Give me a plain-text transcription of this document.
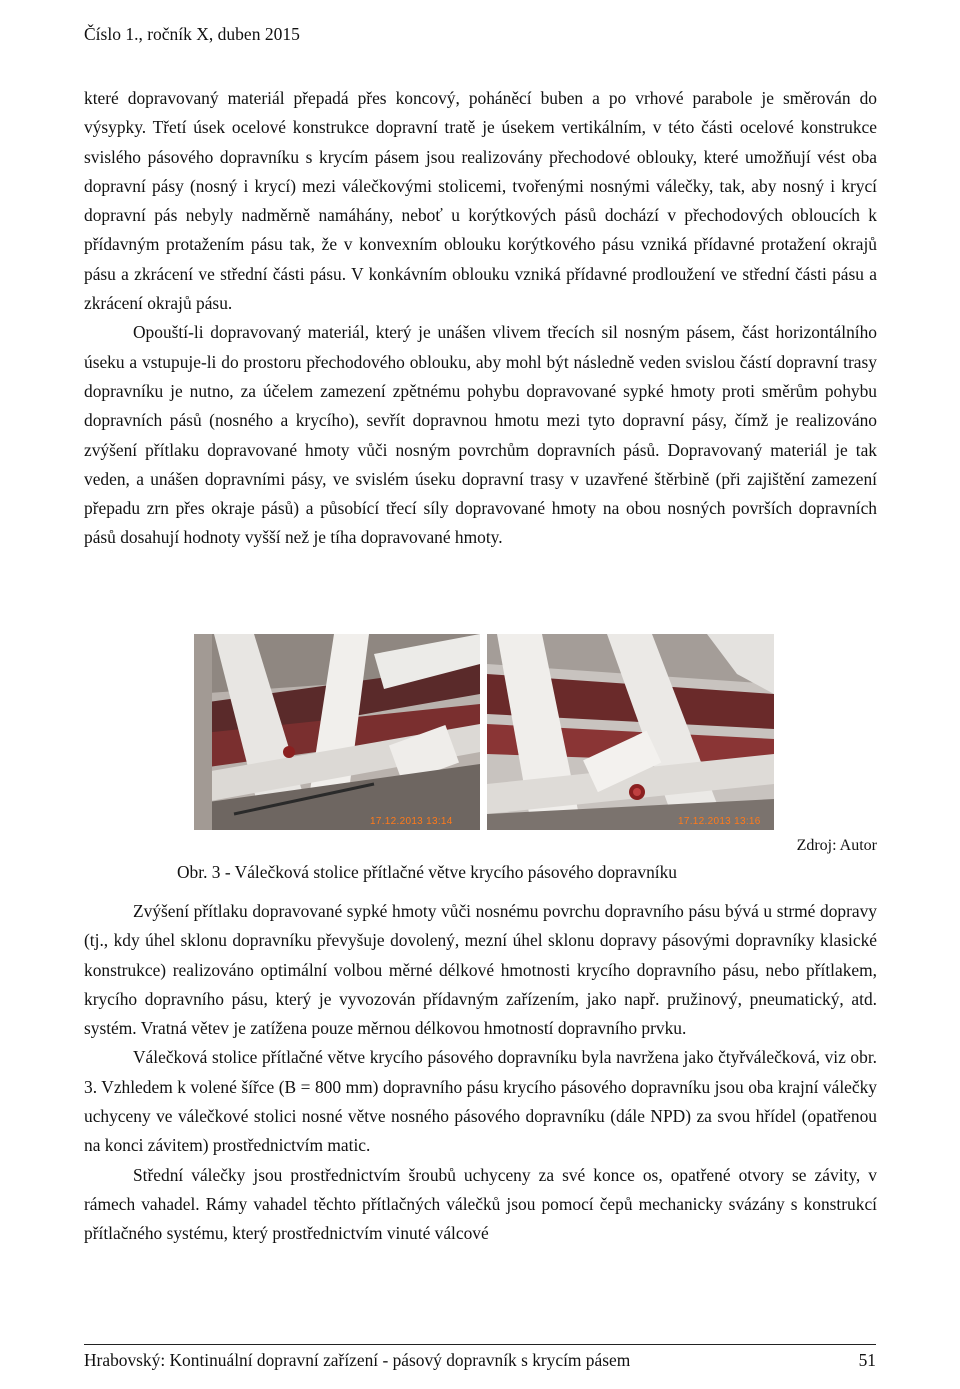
Číslo 1., ročník X, duben 2015

které dopravovaný materiál přepadá přes koncový, poháněcí buben a po vrhové parabole je směrován do výsypky. Třetí úsek ocelové konstrukce dopravní tratě je úsekem vertikálním, v této části ocelové konstrukce svislého pásového dopravníku s krycím pásem jsou realizovány přechodové oblouky, které umožňují vést oba dopravní pásy (nosný i krycí) mezi válečkovými stolicemi, tvořenými nosnými válečky, tak, aby nosný i krycí dopravní pás nebyly nadměrně namáhány, neboť u korýtkových pásů dochází v přechodových obloucích k přídavným protažením pásu tak, že v konvexním oblouku korýtkového pásu vzniká přídavné protažení okrajů pásu a zkrácení ve střední části pásu. V konkávním oblouku vzniká přídavné prodloužení ve střední části pásu a zkrácení okrajů pásu.

Opouští-li dopravovaný materiál, který je unášen vlivem třecích sil nosným pásem, část horizontálního úseku a vstupuje-li do prostoru přechodového oblouku, aby mohl být následně veden svislou částí dopravní trasy dopravníku je nutno, za účelem zamezení zpětnému pohybu dopravované sypké hmoty proti směrům pohybu dopravních pásů (nosného a krycího), sevřít dopravnou hmotu mezi tyto dopravní pásy, čímž je realizováno zvýšení přítlaku dopravované hmoty vůči nosným povrchům dopravních pásů. Dopravovaný materiál je tak veden, a unášen dopravními pásy, ve svislém úseku dopravní trasy v uzavřené štěrbině (při zajištění zamezení přepadu zrn přes okraje pásů) a působící třecí síly dopravované hmoty na obou nosných površích dopravních pásů dosahují hodnoty vyšší než je tíha dopravované hmoty.

17.12.2013 13:14	17.12.2013 13:16
Zdroj: Autor
Obr. 3 - Válečková stolice přítlačné větve krycího pásového dopravníku

Zvýšení přítlaku dopravované sypké hmoty vůči nosnému povrchu dopravního pásu bývá u strmé dopravy (tj., kdy úhel sklonu dopravníku převyšuje dovolený, mezní úhel sklonu dopravy pásovými dopravníky klasické konstrukce) realizováno optimální volbou měrné délkové hmotnosti krycího dopravního pásu, nebo přítlakem, krycího dopravního pásu, který je vyvozován přídavným zařízením, jako např. pružinový, pneumatický, atd. systém. Vratná větev je zatížena pouze měrnou délkovou hmotností dopravního prvku.

Válečková stolice přítlačné větve krycího pásového dopravníku byla navržena jako čtyřválečková, viz obr. 3. Vzhledem k volené šířce (B = 800 mm) dopravního pásu krycího pásového dopravníku jsou oba krajní válečky uchyceny ve válečkové stolici nosné větve nosného pásového dopravníku (dále NPD) za svou hřídel (opatřenou na konci závitem) prostřednictvím matic.

Střední válečky jsou prostřednictvím šroubů uchyceny za své konce os, opatřené otvory se závity, v rámech vahadel. Rámy vahadel těchto přítlačných válečků jsou pomocí čepů mechanicky svázány s konstrukcí přítlačného systému, který prostřednictvím vinuté válcové

Hrabovský: Kontinuální dopravní zařízení - pásový dopravník s krycím pásem	51
